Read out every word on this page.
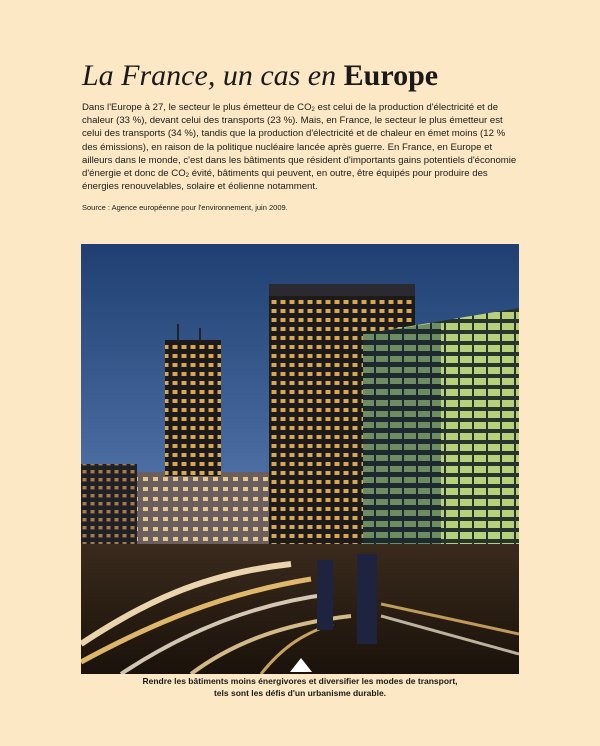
La France, un cas en Europe

Dans l'Europe à 27, le secteur le plus émetteur de $CO_2$ est celui de la production d'électricité et de chaleur (33 %), devant celui des transports (23 %). Mais, en France, le secteur le plus émetteur est celui des transports (34 %), tandis que la production d'électricité et de chaleur en émet moins (12 % des émissions), en raison de la politique nucléaire lancée après guerre. En France, en Europe et ailleurs dans le monde, c'est dans les bâtiments que résident d'importants gains potentiels d'économie d'énergie et donc de $CO_2$ évité, bâtiments qui peuvent, en outre, être équipés pour produire des énergies renouvelables, solaire et éolienne notamment.

Source : Agence européenne pour l'environnement, juin 2009.

Rendre les bâtiments moins énergivores et diversifier les modes de transport,
tels sont les défis d'un urbanisme durable.
